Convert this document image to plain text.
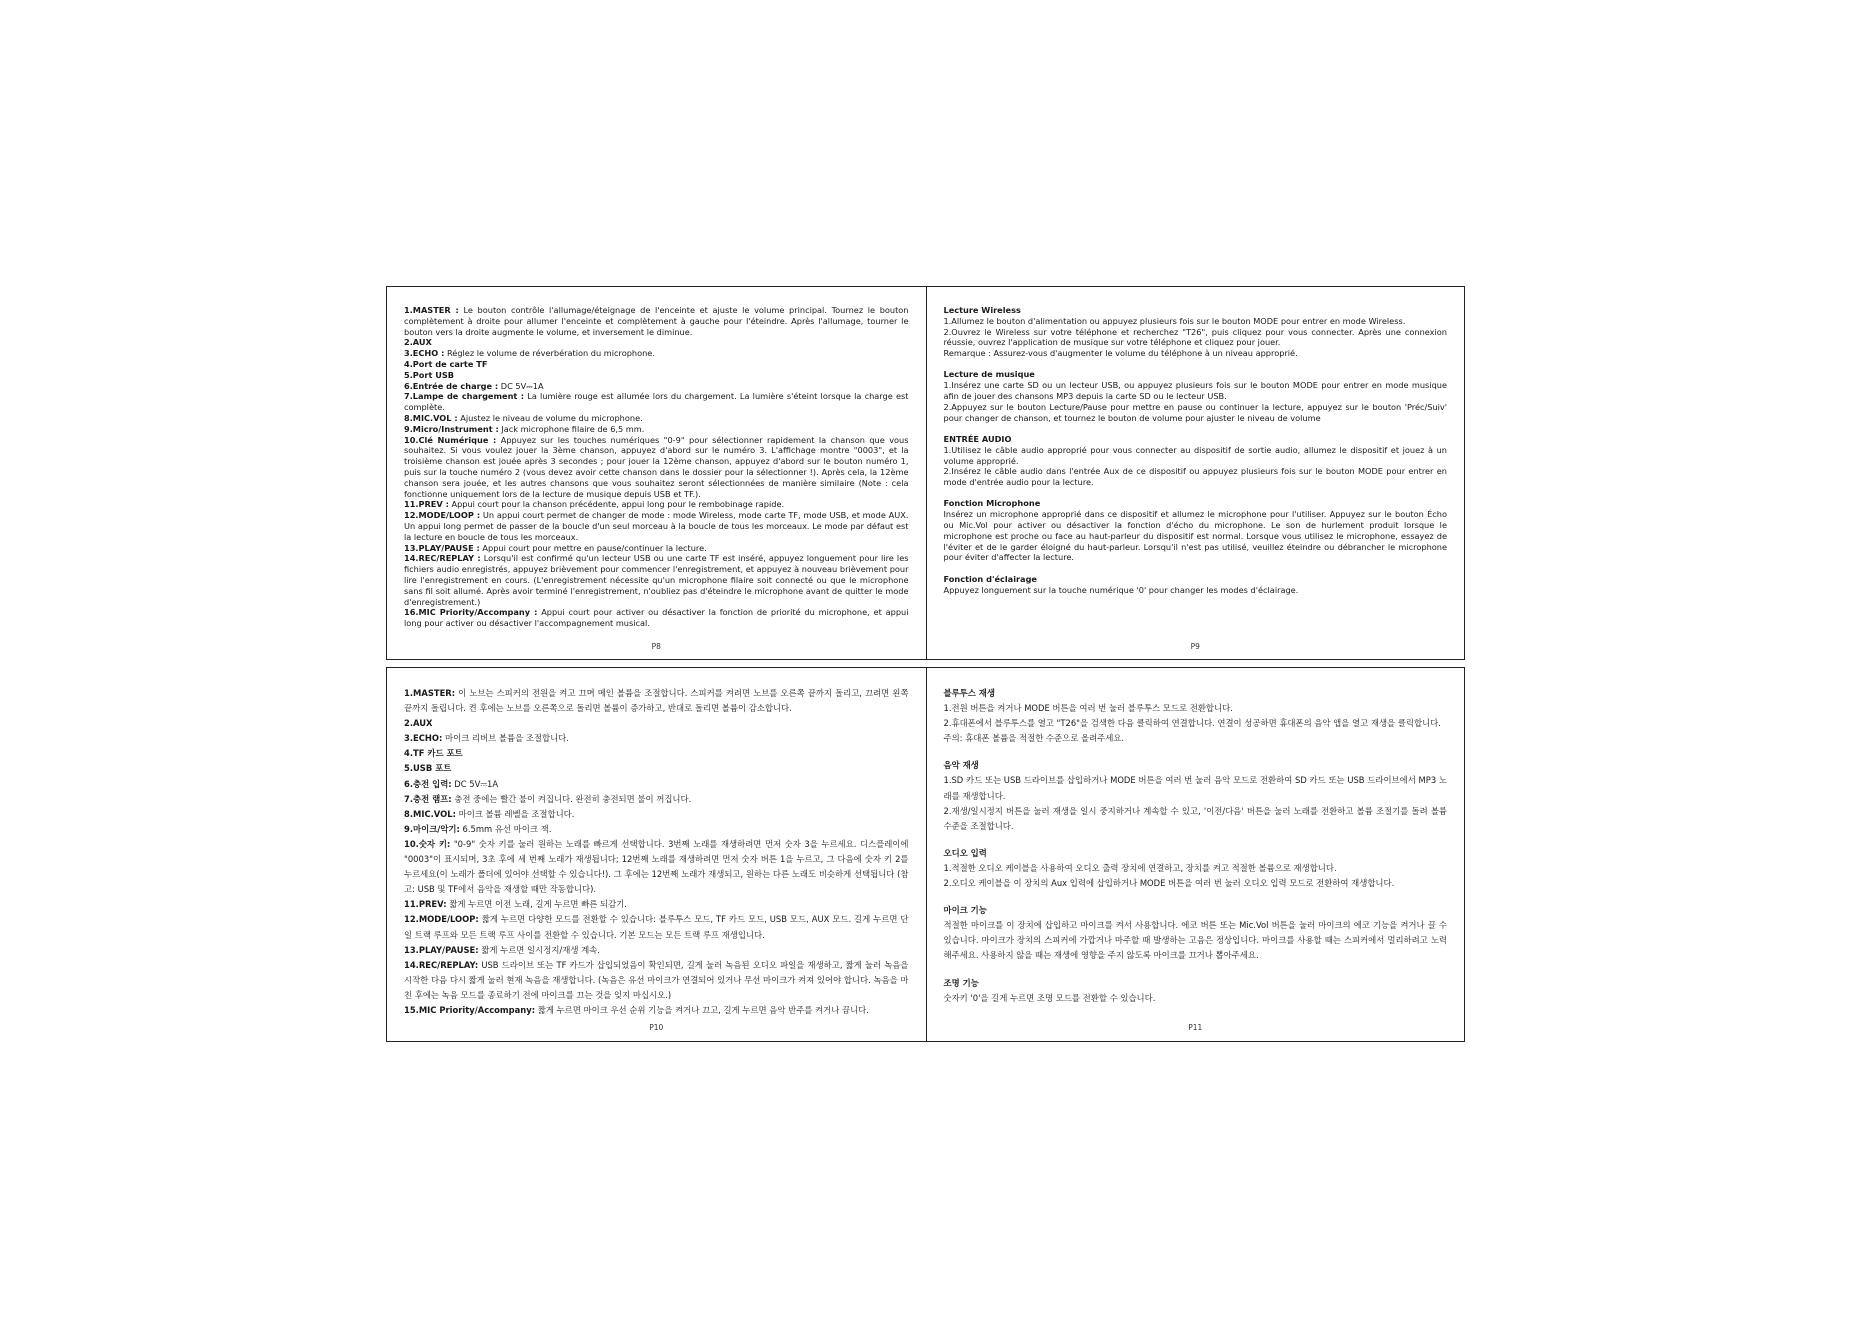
1.MASTER : Le bouton contrôle l'allumage/éteignage de l'enceinte et ajuste le volume principal. Tournez le bouton complètement à droite pour allumer l'enceinte et complètement à gauche pour l'éteindre. Après l'allumage, tourner le bouton vers la droite augmente le volume, et inversement le diminue.

2.AUX

3.ECHO : Réglez le volume de réverbération du microphone.

4.Port de carte TF

5.Port USB

6.Entrée de charge : DC 5V⎓1A

7.Lampe de chargement : La lumière rouge est allumée lors du chargement. La lumière s'éteint lorsque la charge est complète.

8.MIC.VOL : Ajustez le niveau de volume du microphone.

9.Micro/Instrument : Jack microphone filaire de 6,5 mm.

10.Clé Numérique : Appuyez sur les touches numériques "0-9" pour sélectionner rapidement la chanson que vous souhaitez. Si vous voulez jouer la 3ème chanson, appuyez d'abord sur le numéro 3. L'affichage montre "0003", et la troisième chanson est jouée après 3 secondes ; pour jouer la 12ème chanson, appuyez d'abord sur le bouton numéro 1, puis sur la touche numéro 2 (vous devez avoir cette chanson dans le dossier pour la sélectionner !). Après cela, la 12ème chanson sera jouée, et les autres chansons que vous souhaitez seront sélectionnées de manière similaire (Note : cela fonctionne uniquement lors de la lecture de musique depuis USB et TF.).

11.PREV : Appui court pour la chanson précédente, appui long pour le rembobinage rapide.

12.MODE/LOOP : Un appui court permet de changer de mode : mode Wireless, mode carte TF, mode USB, et mode AUX. Un appui long permet de passer de la boucle d'un seul morceau à la boucle de tous les morceaux. Le mode par défaut est la lecture en boucle de tous les morceaux.

13.PLAY/PAUSE : Appui court pour mettre en pause/continuer la lecture.

14.REC/REPLAY : Lorsqu'il est confirmé qu'un lecteur USB ou une carte TF est inséré, appuyez longuement pour lire les fichiers audio enregistrés, appuyez brièvement pour commencer l'enregistrement, et appuyez à nouveau brièvement pour lire l'enregistrement en cours. (L'enregistrement nécessite qu'un microphone filaire soit connecté ou que le microphone sans fil soit allumé. Après avoir terminé l'enregistrement, n'oubliez pas d'éteindre le microphone avant de quitter le mode d'enregistrement.)

16.MIC Priority/Accompany : Appui court pour activer ou désactiver la fonction de priorité du microphone, et appui long pour activer ou désactiver l'accompagnement musical.

P8

Lecture Wireless

1.Allumez le bouton d'alimentation ou appuyez plusieurs fois sur le bouton MODE pour entrer en mode Wireless.

2.Ouvrez le Wireless sur votre téléphone et recherchez "T26", puis cliquez pour vous connecter. Après une connexion réussie, ouvrez l'application de musique sur votre téléphone et cliquez pour jouer.

Remarque : Assurez-vous d'augmenter le volume du téléphone à un niveau approprié.

Lecture de musique

1.Insérez une carte SD ou un lecteur USB, ou appuyez plusieurs fois sur le bouton MODE pour entrer en mode musique afin de jouer des chansons MP3 depuis la carte SD ou le lecteur USB.

2.Appuyez sur le bouton Lecture/Pause pour mettre en pause ou continuer la lecture, appuyez sur le bouton 'Préc/Suiv' pour changer de chanson, et tournez le bouton de volume pour ajuster le niveau de volume

ENTRÉE AUDIO

1.Utilisez le câble audio approprié pour vous connecter au dispositif de sortie audio, allumez le dispositif et jouez à un volume approprié.

2.Insérez le câble audio dans l'entrée Aux de ce dispositif ou appuyez plusieurs fois sur le bouton MODE pour entrer en mode d'entrée audio pour la lecture.

Fonction Microphone

Insérez un microphone approprié dans ce dispositif et allumez le microphone pour l'utiliser. Appuyez sur le bouton Écho ou Mic.Vol pour activer ou désactiver la fonction d'écho du microphone. Le son de hurlement produit lorsque le microphone est proche ou face au haut-parleur du dispositif est normal. Lorsque vous utilisez le microphone, essayez de l'éviter et de le garder éloigné du haut-parleur. Lorsqu'il n'est pas utilisé, veuillez éteindre ou débrancher le microphone pour éviter d'affecter la lecture.

Fonction d'éclairage

Appuyez longuement sur la touche numérique '0' pour changer les modes d'éclairage.

P9

1.MASTER: 이 노브는 스피커의 전원을 켜고 끄며 메인 볼륨을 조절합니다. 스피커를 켜려면 노브를 오른쪽 끝까지 돌리고, 끄려면 왼쪽 끝까지 돌립니다. 켠 후에는 노브를 오른쪽으로 돌리면 볼륨이 증가하고, 반대로 돌리면 볼륨이 감소합니다.

2.AUX

3.ECHO: 마이크 리버브 볼륨을 조절합니다.

4.TF 카드 포트

5.USB 포트

6.충전 입력: DC 5V⎓1A

7.충전 램프: 충전 중에는 빨간 불이 켜집니다. 완전히 충전되면 불이 꺼집니다.

8.MIC.VOL: 마이크 볼륨 레벨을 조절합니다.

9.마이크/악기: 6.5mm 유선 마이크 잭.

10.숫자 키: "0-9" 숫자 키를 눌러 원하는 노래를 빠르게 선택합니다. 3번째 노래를 재생하려면 먼저 숫자 3을 누르세요. 디스플레이에 "0003"이 표시되며, 3초 후에 세 번째 노래가 재생됩니다; 12번째 노래를 재생하려면 먼저 숫자 버튼 1을 누르고, 그 다음에 숫자 키 2를 누르세요(이 노래가 폴더에 있어야 선택할 수 있습니다!). 그 후에는 12번째 노래가 재생되고, 원하는 다른 노래도 비슷하게 선택됩니다 (참고: USB 및 TF에서 음악을 재생할 때만 작동합니다).

11.PREV: 짧게 누르면 이전 노래, 길게 누르면 빠른 되감기.

12.MODE/LOOP: 짧게 누르면 다양한 모드를 전환할 수 있습니다: 블루투스 모드, TF 카드 모드, USB 모드, AUX 모드. 길게 누르면 단일 트랙 루프와 모든 트랙 루프 사이를 전환할 수 있습니다. 기본 모드는 모든 트랙 루프 재생입니다.

13.PLAY/PAUSE: 짧게 누르면 일시정지/재생 계속.

14.REC/REPLAY: USB 드라이브 또는 TF 카드가 삽입되었음이 확인되면, 길게 눌러 녹음된 오디오 파일을 재생하고, 짧게 눌러 녹음을 시작한 다음 다시 짧게 눌러 현재 녹음을 재생합니다. (녹음은 유선 마이크가 연결되어 있거나 무선 마이크가 켜져 있어야 합니다. 녹음을 마친 후에는 녹음 모드를 종료하기 전에 마이크를 끄는 것을 잊지 마십시오.)

15.MIC Priority/Accompany: 짧게 누르면 마이크 우선 순위 기능을 켜거나 끄고, 길게 누르면 음악 반주를 켜거나 끕니다.

P10

블루투스 재생

1.전원 버튼을 켜거나 MODE 버튼을 여러 번 눌러 블루투스 모드로 전환합니다.

2.휴대폰에서 블루투스를 열고 "T26"을 검색한 다음 클릭하여 연결합니다. 연결이 성공하면 휴대폰의 음악 앱을 열고 재생을 클릭합니다.

주의: 휴대폰 볼륨을 적절한 수준으로 올려주세요.

음악 재생

1.SD 카드 또는 USB 드라이브를 삽입하거나 MODE 버튼을 여러 번 눌러 음악 모드로 전환하여 SD 카드 또는 USB 드라이브에서 MP3 노래를 재생합니다.

2.재생/일시정지 버튼을 눌러 재생을 일시 중지하거나 계속할 수 있고, '이전/다음' 버튼을 눌러 노래를 전환하고 볼륨 조절기를 돌려 볼륨 수준을 조절합니다.

오디오 입력

1.적절한 오디오 케이블을 사용하여 오디오 출력 장치에 연결하고, 장치를 켜고 적절한 볼륨으로 재생합니다.

2.오디오 케이블을 이 장치의 Aux 입력에 삽입하거나 MODE 버튼을 여러 번 눌러 오디오 입력 모드로 전환하여 재생합니다.

마이크 기능

적절한 마이크를 이 장치에 삽입하고 마이크를 켜서 사용합니다. 에코 버튼 또는 Mic.Vol 버튼을 눌러 마이크의 에코 기능을 켜거나 끌 수 있습니다. 마이크가 장치의 스피커에 가깝거나 마주할 때 발생하는 고음은 정상입니다. 마이크를 사용할 때는 스피커에서 멀리하려고 노력해주세요. 사용하지 않을 때는 재생에 영향을 주지 않도록 마이크를 끄거나 뽑아주세요.

조명 기능

숫자키 '0'을 길게 누르면 조명 모드를 전환할 수 있습니다.

P11
